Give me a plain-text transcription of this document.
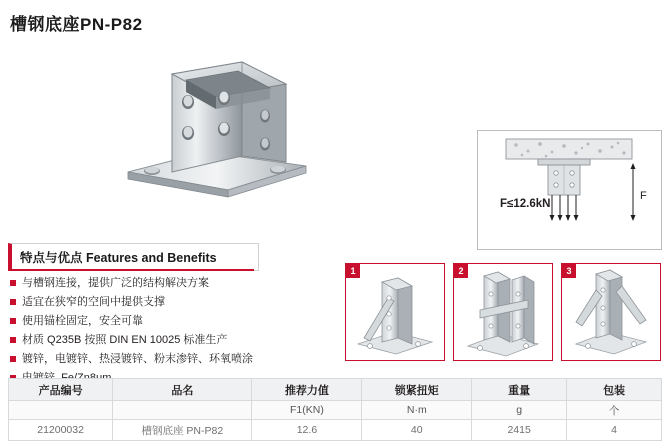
槽钢底座PN-P82
F
F≤12.6kN
特点与优点 Features and Benefits
与槽钢连接，提供广泛的结构解决方案
适宜在狭窄的空间中提供支撑
使用锚栓固定，安全可靠
材质 Q235B 按照 DIN EN 10025 标准生产
镀锌，电镀锌、热浸镀锌、粉末渗锌、环氧喷涂
1	2	3
产品编号	品名	推荐力值	锁紧扭矩	重量	包装
		F1(KN)	N·m	g	个
21200032	槽钢底座 PN-P82	12.6	40	2415	4
